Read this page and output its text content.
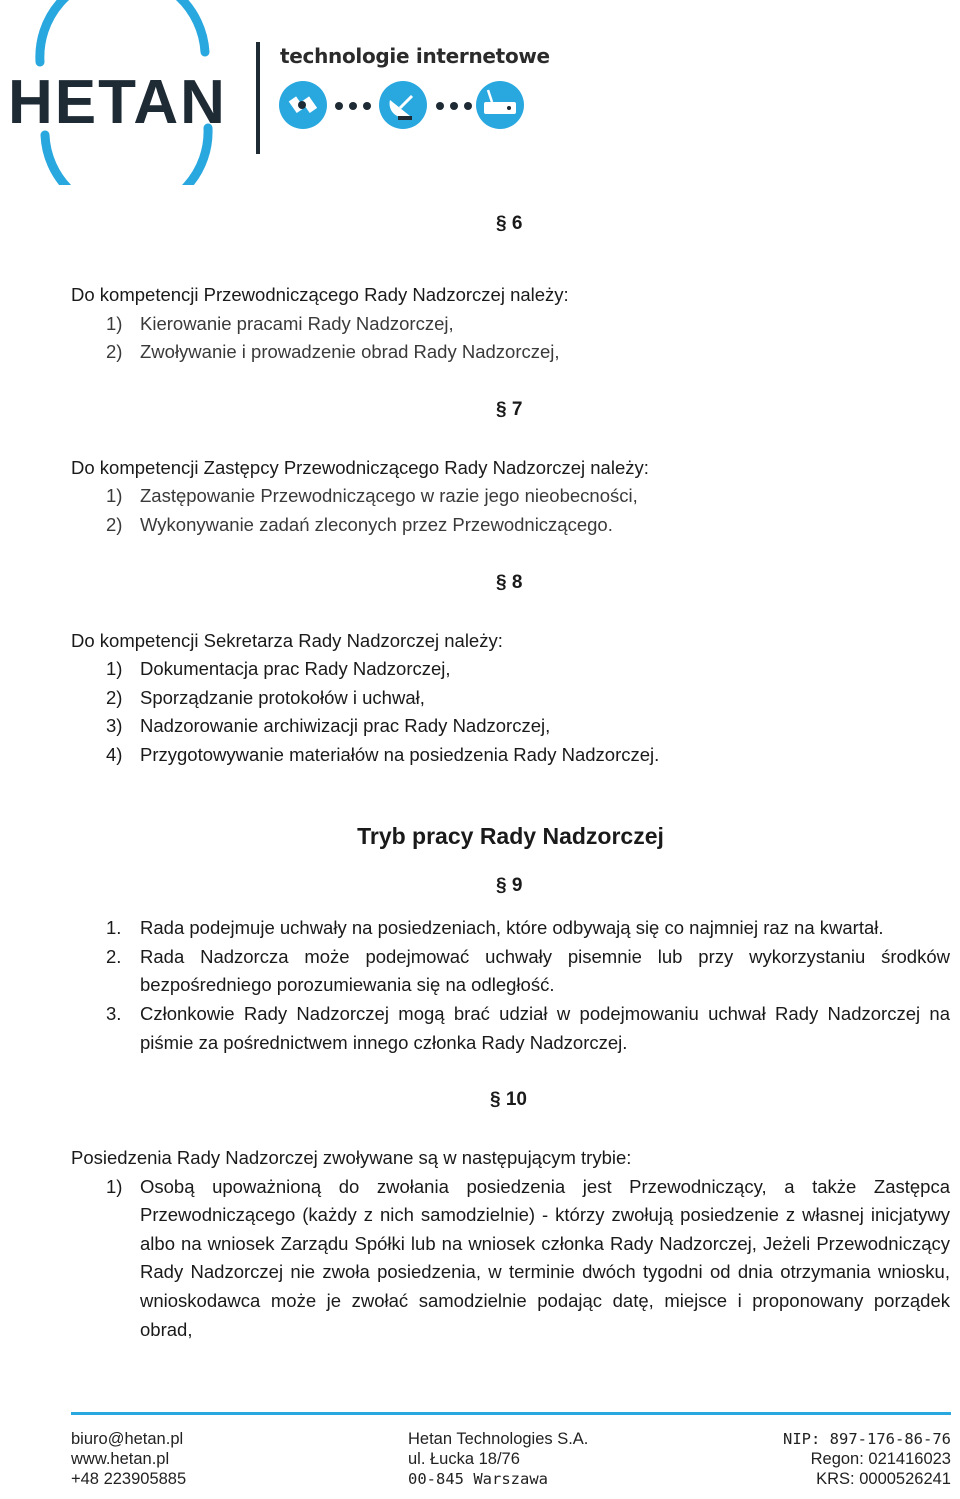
HETAN
technologie internetowe
§ 6

Do kompetencji Przewodniczącego Rady Nadzorczej należy:

1) Kierowanie pracami Rady Nadzorczej,
2) Zwoływanie i prowadzenie obrad Rady Nadzorczej,
§ 7

Do kompetencji Zastępcy Przewodniczącego Rady Nadzorczej należy:

1) Zastępowanie Przewodniczącego w razie jego nieobecności,
2) Wykonywanie zadań zleconych przez Przewodniczącego.
§ 8

Do kompetencji Sekretarza Rady Nadzorczej należy:

1) Dokumentacja prac Rady Nadzorczej,
2) Sporządzanie protokołów i uchwał,
3) Nadzorowanie archiwizacji prac Rady Nadzorczej,
4) Przygotowywanie materiałów na posiedzenia Rady Nadzorczej.
Tryb pracy Rady Nadzorczej
§ 9
1. Rada podejmuje uchwały na posiedzeniach, które odbywają się co najmniej raz na kwartał.
2. Rada Nadzorcza może podejmować uchwały pisemnie lub przy wykorzystaniu środków bezpośredniego porozumiewania się na odległość.
3. Członkowie Rady Nadzorczej mogą brać udział w podejmowaniu uchwał Rady Nadzorczej na piśmie za pośrednictwem innego członka Rady Nadzorczej.
§ 10

Posiedzenia Rady Nadzorczej zwoływane są w następującym trybie:

1) Osobą upoważnioną do zwołania posiedzenia jest Przewodniczący, a także Zastępca Przewodniczącego (każdy z nich samodzielnie) - którzy zwołują posiedzenie z własnej inicjatywy albo na wniosek Zarządu Spółki lub na wniosek członka Rady Nadzorczej, Jeżeli Przewodniczący Rady Nadzorczej nie zwoła posiedzenia, w terminie dwóch tygodni od dnia otrzymania wniosku, wnioskodawca może je zwołać samodzielnie podając datę, miejsce i proponowany porządek obrad,
biuro@hetan.pl
www.hetan.pl
+48 223905885
Hetan Technologies S.A.
ul. Łucka 18/76
00-845 Warszawa
NIP: 897-176-86-76
Regon: 021416023
KRS: 0000526241
